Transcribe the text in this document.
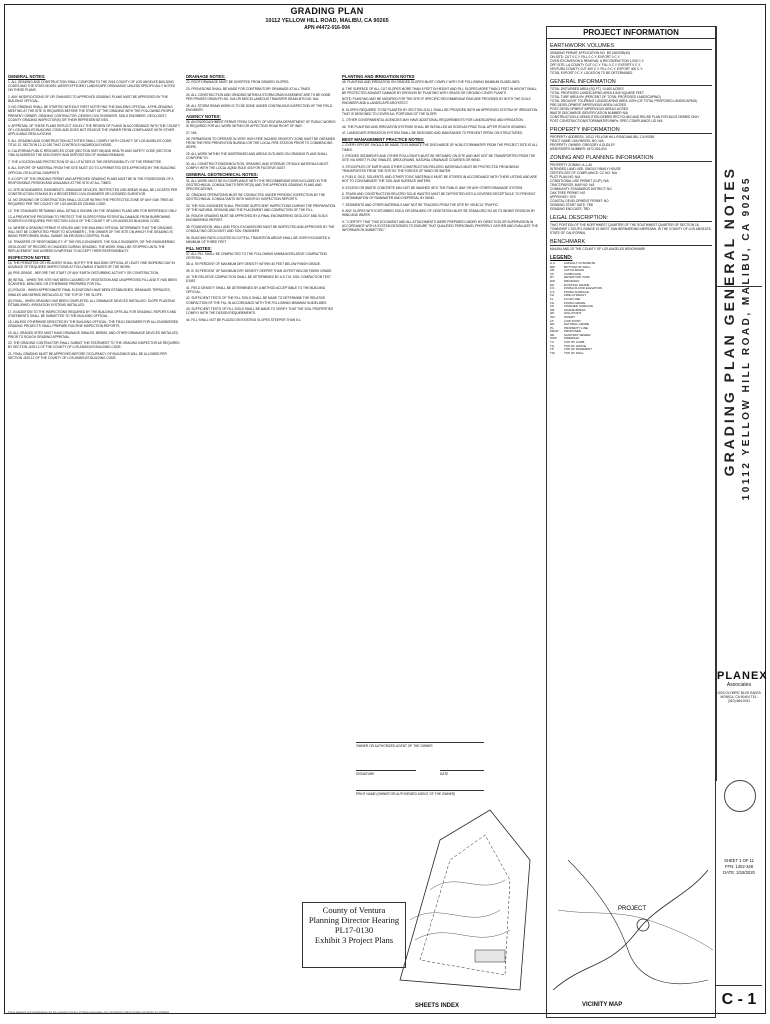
GRADING PLAN
10112 YELLOW HILL ROAD, MALIBU, CA 90265
APN #4472-016-004
GENERAL NOTES:

1. ALL GRADING AND CONSTRUCTION SHALL CONFORM TO THE 2016 COUNTY OF LOS ANGELES BUILDING CODES AND THE STATE MODEL WATER EFFICIENT LANDSCAPE ORDINANCE UNLESS SPECIFICALLY NOTED ON THESE PLANS.

2. ANY MODIFICATIONS OF OR CHANGES TO APPROVED GRADING PLANS MUST BE APPROVED BY THE BUILDING OFFICIAL.

3. NO GRADING SHALL BE STARTED WITHOUT FIRST NOTIFYING THE BUILDING OFFICIAL. A PRE-GRADING MEETING AT THE SITE IS REQUIRED BEFORE THE START OF THE GRADING WITH THE FOLLOWING PEOPLE PRESENT: OWNER, GRADING CONTRACTOR, DESIGN CIVIL ENGINEER, SOILS ENGINEER, GEOLOGIST, COUNTY GRADING INSPECTOR(S) OR THEIR REPRESENTATIVES.

4. APPROVAL OF THESE PLANS REFLECT SOLELY THE REVIEW OF PLANS IN ACCORDANCE WITH THE COUNTY OF LOS ANGELES BUILDING CODE AND DOES NOT RELIEVE THE OWNER FROM COMPLIANCE WITH OTHER APPLICABLE REGULATIONS.

5. ALL GRADING AND CONSTRUCTION ACTIVITIES SHALL COMPLY WITH COUNTY OF LOS ANGELES CODE, TITLE 12, SECTION 12.12.030 THAT CONTROLS HAZARDOUS NOISE.

6. CALIFORNIA PUBLIC RESOURCES CODE (SECTION 5097.98) AND HEALTH AND SAFETY CODE (SECTION 7050.5) ADDRESS THE DISCOVERY AND DISPOSITION OF HUMAN REMAINS.

7. THE LOCATION AND PROTECTION OF ALL UTILITIES IS THE RESPONSIBILITY OF THE PERMITTEE.

8. ALL EXPORT OF MATERIAL FROM THE SITE MUST GO TO A PERMITTED SITE APPROVED BY THE BUILDING OFFICIAL OR A LEGAL DUMPSITE.

9. A COPY OF THE GRADING PERMIT AND APPROVED GRADING PLANS MUST BE IN THE POSSESSION OF A RESPONSIBLE PERSON AND AVAILABLE AT THE SITE AT ALL TIMES.

10. SITE BOUNDARIES, EASEMENTS, DRAINAGE DEVICES, RESTRICTED USE AREAS SHALL BE LOCATED PER CONSTRUCTION STAKING BY A REGISTERED CIVIL ENGINEER OR LICENSED SURVEYOR.

11. NO GRADING OR CONSTRUCTION SHALL OCCUR WITHIN THE PROTECTED ZONE OF ANY OAK TREE AS REQUIRED PER THE COUNTY OF LOS ANGELES ZONING CODE.

12. THE STANDARD RETAINING WALL DETAILS SHOWN ON THE GRADING PLANS ARE FOR REFERENCE ONLY.

13. A PREVENTIVE PROGRAM TO PROTECT THE SLOPES FROM POTENTIAL DAMAGE FROM BURROWING RODENTS IS REQUIRED PER SECTION J101.8 OF THE COUNTY OF LOS ANGELES BUILDING CODE.

14. WHERE A GRADING PERMIT IS ISSUED AND THE BUILDING OFFICIAL DETERMINES THAT THE GRADING WILL NOT BE COMPLETED PRIOR TO NOVEMBER 1, THE OWNER OF THE SITE ON WHICH THE GRADING IS BEING PERFORMED SHALL SUBMIT AN EROSION CONTROL PLAN.

15. TRANSFER OF RESPONSIBILITY: IF THE FIELD ENGINEER, THE SOILS ENGINEER, OR THE ENGINEERING GEOLOGIST OF RECORD IS CHANGED DURING GRADING, THE WORK SHALL BE STOPPED UNTIL THE REPLACEMENT HAS AGREED IN WRITING TO ACCEPT THEIR RESPONSIBILITY.

INSPECTION NOTES:

16. THE PERMITTEE OR HIS AGENT SHALL NOTIFY THE BUILDING OFFICIAL AT LEAST ONE WORKING DAY IN ADVANCE OF REQUIRED INSPECTIONS AT FOLLOWING STAGES OF THE WORK.

(A) PRE-GRADE - BEFORE THE START OF ANY EARTH DISTURBING ACTIVITY OR CONSTRUCTION.

(B) INITIAL - WHEN THE SITE HAS BEEN CLEARED OF VEGETATION AND UNAPPROVED FILL AND IT HAS BEEN SCARIFIED, BENCHED OR OTHERWISE PREPARED FOR FILL.

(C) ROUGH - WHEN APPROXIMATE FINAL ELEVATIONS HAVE BEEN ESTABLISHED; DRAINAGE TERRACES, SWALES AND BERMS INSTALLED AT THE TOP OF THE SLOPE.

(D) FINAL - WHEN GRADING HAS BEEN COMPLETED; ALL DRAINAGE DEVICES INSTALLED; SLOPE PLANTING ESTABLISHED, IRRIGATION SYSTEMS INSTALLED.

17. IN ADDITION TO THE INSPECTIONS REQUIRED BY THE BUILDING OFFICIAL FOR GRADING, REPORTS AND STATEMENTS SHALL BE SUBMITTED TO THE BUILDING OFFICIAL.

18. UNLESS OTHERWISE DIRECTED BY THE BUILDING OFFICIAL, THE FIELD ENGINEER FOR ALL ENGINEERED GRADING PROJECTS SHALL PREPARE ROUTINE INSPECTION REPORTS.

19. ALL GRADED SITES MUST HAVE DRAINAGE SWALES, BERMS, AND OTHER DRAINAGE DEVICES INSTALLED PRIOR TO ROUGH GRADING APPROVAL.

20. THE GRADING CONTRACTOR SHALL SUBMIT THE STATEMENT TO THE GRADING INSPECTOR AS REQUIRED BY SECTION J105.12 OF THE COUNTY OF LOS ANGELES BUILDING CODE.

21. FINAL GRADING MUST BE APPROVED BEFORE OCCUPANCY OF BUILDINGS WILL BE ALLOWED PER SECTION J105.12 OF THE COUNTY OF LOS ANGELES BUILDING CODE.

DRAINAGE NOTES:

22. ROOF DRAINAGE MUST BE DIVERTED FROM GRADED SLOPES.

23. PROVISIONS SHALL BE MADE FOR CONTRIBUTORY DRAINAGE AT ALL TIMES.

24. ALL CONSTRUCTION AND GRADING WITHIN A STORM DRAIN EASEMENT ARE TO BE DONE PER PRIVATE DRAIN PD NO. N/A OR MISCELLANEOUS TRANSFER DRAIN MTD NO. N/A.

25. ALL STORM DRAIN WORK IS TO BE DONE UNDER CONTINUOUS INSPECTION OF THE FIELD ENGINEER.

AGENCY NOTES:

26. AN ENCROACHMENT PERMIT FROM COUNTY OF VENTURA DEPARTMENT OF PUBLIC WORKS IS REQUIRED FOR ALL WORK WITHIN OR AFFECTING ROAD RIGHT OF WAY.

27. N/A

28. PERMISSION TO OPERATE IN VERY HIGH FIRE HAZARD SEVERITY ZONE MUST BE OBTAINED FROM THE FIRE PREVENTION BUREAU OR THE LOCAL FIRE STATION PRIOR TO COMMENCING WORK.

29. ALL WORK WITHIN THE WATERSHED AND AREAS OUTLINED ON GRADING PLANS SHALL CONFORM TO:

30. ALL CONSTRUCTION/DEMOLITION, GRADING, AND STORAGE OF BULK MATERIALS MUST COMPLY WITH THE LOCAL AQMD RULE 403 FOR FUGITIVE DUST.

GENERAL GEOTECHNICAL NOTES:

31. ALL WORK MUST BE IN COMPLIANCE WITH THE RECOMMENDATIONS INCLUDED IN THE GEOTECHNICAL CONSULTANT'S REPORT(S) AND THE APPROVED GRADING PLANS AND SPECIFICATIONS.

32. GRADING OPERATIONS MUST BE CONDUCTED UNDER PERIODIC INSPECTION BY THE GEOTECHNICAL CONSULTANTS WITH MONTHLY INSPECTION REPORTS.

33. THE SOIL ENGINEER SHALL PROVIDE SUFFICIENT INSPECTIONS DURING THE PREPARATION OF THE NATURAL GROUND AND THE PLACEMENT AND COMPACTION OF THE FILL.

34. ROUGH GRADING MUST BE APPROVED BY A FINAL ENGINEERING GEOLOGY AND SOILS ENGINEERING REPORT.

35. FOUNDATION, WALL AND POOL EXCAVATIONS MUST BE INSPECTED AND APPROVED BY THE CONSULTING GEOLOGIST AND SOIL ENGINEER.

36. BUILDING PADS LOCATED IN CUT/FILL TRANSITION AREAS SHALL BE OVER EXCAVATED A MINIMUM OF THREE FEET.

FILL NOTES:

37. ALL FILL SHALL BE COMPACTED TO THE FOLLOWING MINIMUM RELATIVE COMPACTION CRITERIA:

38. A. 90 PERCENT OF MAXIMUM DRY DENSITY WITHIN 40 FEET BELOW FINISH GRADE.

39. B. 93 PERCENT OF MAXIMUM DRY DENSITY DEEPER THAN 40 FEET BELOW FINISH GRADE.

40. THE RELATIVE COMPACTION SHALL BE DETERMINED BY A.S.T.M. SOIL COMPACTION TEST D1557.

41. FIELD DENSITY SHALL BE DETERMINED BY A METHOD ACCEPTABLE TO THE BUILDING OFFICIAL.

42. SUFFICIENT TESTS OF THE FILL SOILS SHALL BE MADE TO DETERMINE THE RELATIVE COMPACTION OF THE FILL IN ACCORDANCE WITH THE FOLLOWING MINIMUM GUIDELINES.

43. SUFFICIENT TESTS OF FILL SOILS SHALL BE MADE TO VERIFY THAT THE SOIL PROPERTIES COMPLY WITH THE DESIGN REQUIREMENTS.

44. FILL SHALL NOT BE PLACED ON EXISTING SLOPES STEEPER THAN 5:1.

PLANTING AND IRRIGATION NOTES

45. PLANTING AND IRRIGATION ON GRADED SLOPES MUST COMPLY WITH THE FOLLOWING MINIMUM GUIDELINES:

A. THE SURFACE OF ALL CUT SLOPES MORE THAN 5 FEET IN HEIGHT AND FILL SLOPES MORE THAN 3 FEET IN HEIGHT SHALL BE PROTECTED AGAINST DAMAGE BY EROSION BY PLANTING WITH GRASS OR GROUND COVER PLANTS.

NOTE: PLANTING MAY BE MODIFIED FOR THE SITE IF SPECIFIC RECOMMENDATIONS ARE PROVIDED BY BOTH THE SOILS ENGINEER AND A LANDSCAPE ARCHITECT.

B. SLOPES REQUIRED TO BE PLANTED BY SECTION J110.1 SHALL BE PROVIDED WITH AN APPROVED SYSTEM OF IRRIGATION THAT IS DESIGNED TO COVER ALL PORTIONS OF THE SLOPE.

C. OTHER GOVERNMENTAL AGENCIES MAY HAVE ADDITIONAL REQUIREMENTS FOR LANDSCAPING AND IRRIGATION.

46. THE PLANTING AND IRRIGATION SYSTEMS SHALL BE INSTALLED AS SOON AS PRACTICAL AFTER ROUGH GRADING.

47. LANDSCAPE IRRIGATION SYSTEM SHALL BE DESIGNED AND MAINTAINED TO PREVENT SPRAY ON STRUCTURES.

BEST MANAGEMENT PRACTICE NOTES:

1. EVERY EFFORT SHOULD BE MADE TO ELIMINATE THE DISCHARGE OF NON-STORMWATER FROM THE PROJECT SITE AT ALL TIMES.

2. ERODED SEDIMENTS AND OTHER POLLUTANTS MUST BE RETAINED ON-SITE AND MAY NOT BE TRANSPORTED FROM THE SITE VIA SHEET FLOW, SWALES, AREA DRAINS, NATURAL DRAINAGE COURSES OR WIND.

3. STOCKPILES OF EARTH AND OTHER CONSTRUCTION RELATED MATERIALS MUST BE PROTECTED FROM BEING TRANSPORTED FROM THE SITE BY THE FORCES OF WIND OR WATER.

4. FUELS, OILS, SOLVENTS, AND OTHER TOXIC MATERIALS MUST BE STORED IN ACCORDANCE WITH THEIR LISTING AND ARE NOT TO CONTAMINATE THE SOIL AND SURFACE WATERS.

5. EXCESS OR WASTE CONCRETE MAY NOT BE WASHED INTO THE PUBLIC WAY OR ANY OTHER DRAINAGE SYSTEM.

6. TRASH AND CONSTRUCTION RELATED SOLID WASTES MUST BE DEPOSITED INTO A COVERED RECEPTACLE TO PREVENT CONTAMINATION OF RAINWATER AND DISPERSAL BY WIND.

7. SEDIMENTS AND OTHER MATERIALS MAY NOT BE TRACKED FROM THE SITE BY VEHICLE TRAFFIC.

8. ANY SLOPES WITH DISTURBED SOILS OR DENUDED OF VEGETATION MUST BE STABILIZED SO AS TO INHIBIT EROSION BY WIND AND WATER.

9. "I CERTIFY THAT THIS DOCUMENT AND ALL ATTACHMENTS WERE PREPARED UNDER MY DIRECTION OR SUPERVISION IN ACCORDANCE WITH A SYSTEM DESIGNED TO ENSURE THAT QUALIFIED PERSONNEL PROPERLY GATHER AND EVALUATE THE INFORMATION SUBMITTED."

OWNER OR AUTHORIZED AGENT OF THE OWNER
SIGNATURE	DATE
PRINT NAME (OWNER OR AUTHORIZED AGENT OF THE OWNER)
County of Ventura
Planning Director Hearing
PL17-0130
Exhibit 3 Project Plans
SHEETS INDEX
PROJECT
VICINITY MAP
PROJECT INFORMATION
EARTHWORK VOLUMES

GRADING PERMIT APPLICATION NO. BS 1600039(40)

ON-SITE: CUT 0 C.Y. FILL 0 C.Y. EXPORT 0 C.Y.

OVER-EXCAVATION & REMOVAL & RECOMPACTION 1,000 C.Y.

OFF-SITE: LA COUNTY CUT 0 C.Y. FILL 0 C.Y. EXPORT 0 C.Y.

VENTURA COUNTY CUT 400 C.Y. FILL 0 C.Y. EXPORT 400 C.Y.

TOTAL EXPORT 0 C.Y. LOCATION TO BE DETERMINED

GENERAL INFORMATION

TOTAL DISTURBED AREA (SQ.FT.) 10,600 ACRES

TOTAL PROPOSED LANDSCAPING AREA 4,500 SQUARE FEET

TOTAL TURF AREA 0% (PERCENT OF TOTAL PROPOSED LANDSCAPING)

TOTAL DROUGHT TOLERANT LANDSCAPING AREA 100% (OF TOTAL PROPOSED LANDSCAPING)

PRE-DEVELOPMENT IMPERVIOUS AREA 0 ACRES

POST-DEVELOPMENT IMPERVIOUS AREA 0 ACRES

WASTE DISCHARGE IDENTIFICATION NUMBER N/A

CONSTRUCTION & DEMOLITION DEBRIS RECYCLING AND REUSE PLAN FOR BLDG DEBRIS ONLY

POST CONSTRUCTION/STORMWATER BMPs: SPEC COMPLIANCE LID N/A

PROPERTY INFORMATION

PROPERTY ADDRESS: 10112 YELLOW HILL ROAD MALIBU, CA 90265

TRACT NAME: N/A PARCEL NO: N/A

PROPERTY OWNER: GREGORY A DUDLEY

ASSESSOR'S NUMBER: 4472-016-004

ZONING AND PLANNING INFORMATION

PROPERTY ZONING: A-1-40

INTENDED LAND USE: SINGLE FAMILY HOUSE

CERTIFICATE OF COMPLIANCE: CC NO. N/A

PLOT PLAN NO: N/A

CONDITIONAL USE PERMIT (CUP): N/A

TRACT/PARCEL MAP NO: N/A

COMMUNITY STANDARDS DISTRICT: NO

OAK TREE PERMIT: NO

APPROVED: YES

COASTAL DEVELOPMENT PERMIT: NO

GRADING START DATE: TBD

GRADING END DATE: TBD

LEGAL DESCRIPTION:
THAT PORTION OF THE NORTHWEST QUARTER OF THE SOUTHWEST QUARTER OF SECTION 18, TOWNSHIP 1 SOUTH, RANGE 19 WEST, SAN BERNARDINO MERIDIAN, IN THE COUNTY OF LOS ANGELES, STATE OF CALIFORNIA.
BENCHMARK
MALIBU AND 20' THE COUNTY OF LOS ANGELES BENCHMARK
LEGEND:
A.C.	ASPHALT CONCRETE
BW	BOTTOM OF WALL
CB	CATCH BASIN
CF	CURB FACE
DT	DETENTION TANK
DW	DRIVEWAY
EG	EXISTING GRADE
F.F.	FINISH FLOOR ELEVATION
F.S.	FINISH SURFACE
FH	FIRE HYDRANT
FL	FLOW LINE
FG	FINISH GRADE
FS	FINISHED SURFACE
GB	GRADE BREAK
HP	HIGH POINT
INV	INVERT
LP	LOW POINT
ND	NATURAL GRADE
PL	PROPERTY LINE
PROP	PROPOSED
SD	SANITARY SEWER
SWK	SIDEWALK
TC	TOP OF CURB
TG	TOP OF GRATE
TP	TOP OF PAVEMENT
TW	TOP OF WALL	GRADING PLAN GENERAL NOTES 10112 YELLOW HILL ROAD, MALIBU, CA 90265
PLANEX
Associates
1003 OLYMPIC BLVD SANTA MONICA, CA 90404 TEL: (310) 664-0011
SHEET 1 OF 11
FFN: 1402-348
DATE: 3/18/2020
C - 1
These drawings and specifications are the exclusive property of Planex Associates. Any reproduction without written permission is prohibited.
